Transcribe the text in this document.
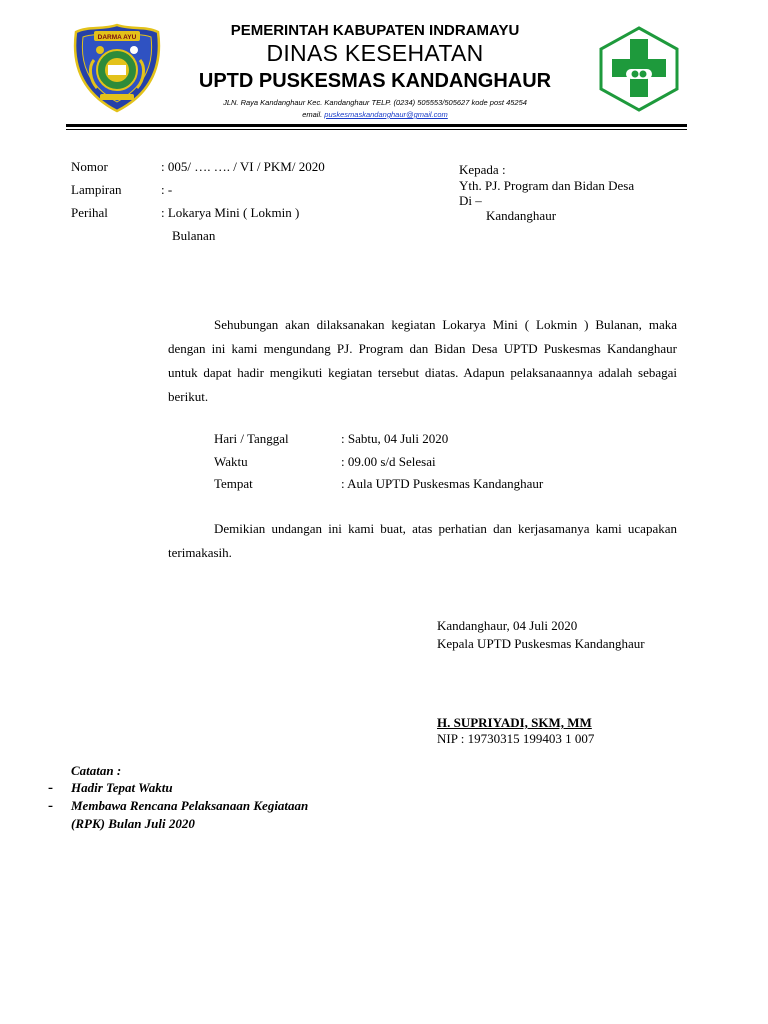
DARMA AYU	PEMERINTAH KABUPATEN INDRAMAYU
DINAS KESEHATAN
UPTD PUSKESMAS KANDANGHAUR
JLN. Raya Kandanghaur Kec. Kandanghaur TELP. (0234) 505553/505627 kode post 45254
email. puskesmaskandanghaur@gmail.com
Nomor	: 005/ …. …. / VI / PKM/ 2020
Lampiran	: -
Perihal	: Lokarya Mini ( Lokmin )
Bulanan
Kepada :
Yth. PJ. Program dan Bidan Desa
Di –
Kandanghaur
Sehubungan akan dilaksanakan kegiatan Lokarya Mini ( Lokmin ) Bulanan, maka dengan ini kami mengundang PJ. Program dan Bidan Desa UPTD Puskesmas Kandanghaur untuk dapat hadir mengikuti kegiatan tersebut diatas. Adapun pelaksanaannya adalah sebagai berikut.
Hari / Tanggal	: Sabtu, 04 Juli 2020
Waktu	: 09.00 s/d Selesai
Tempat	: Aula UPTD Puskesmas Kandanghaur
Demikian undangan ini kami buat, atas perhatian dan kerjasamanya kami ucapakan terimakasih.
Kandanghaur, 04 Juli 2020
Kepala UPTD Puskesmas Kandanghaur
H. SUPRIYADI, SKM, MM
NIP : 19730315 199403 1 007
Catatan :
- Hadir Tepat Waktu
- Membawa Rencana Pelaksanaan Kegiataan
(RPK) Bulan Juli 2020
